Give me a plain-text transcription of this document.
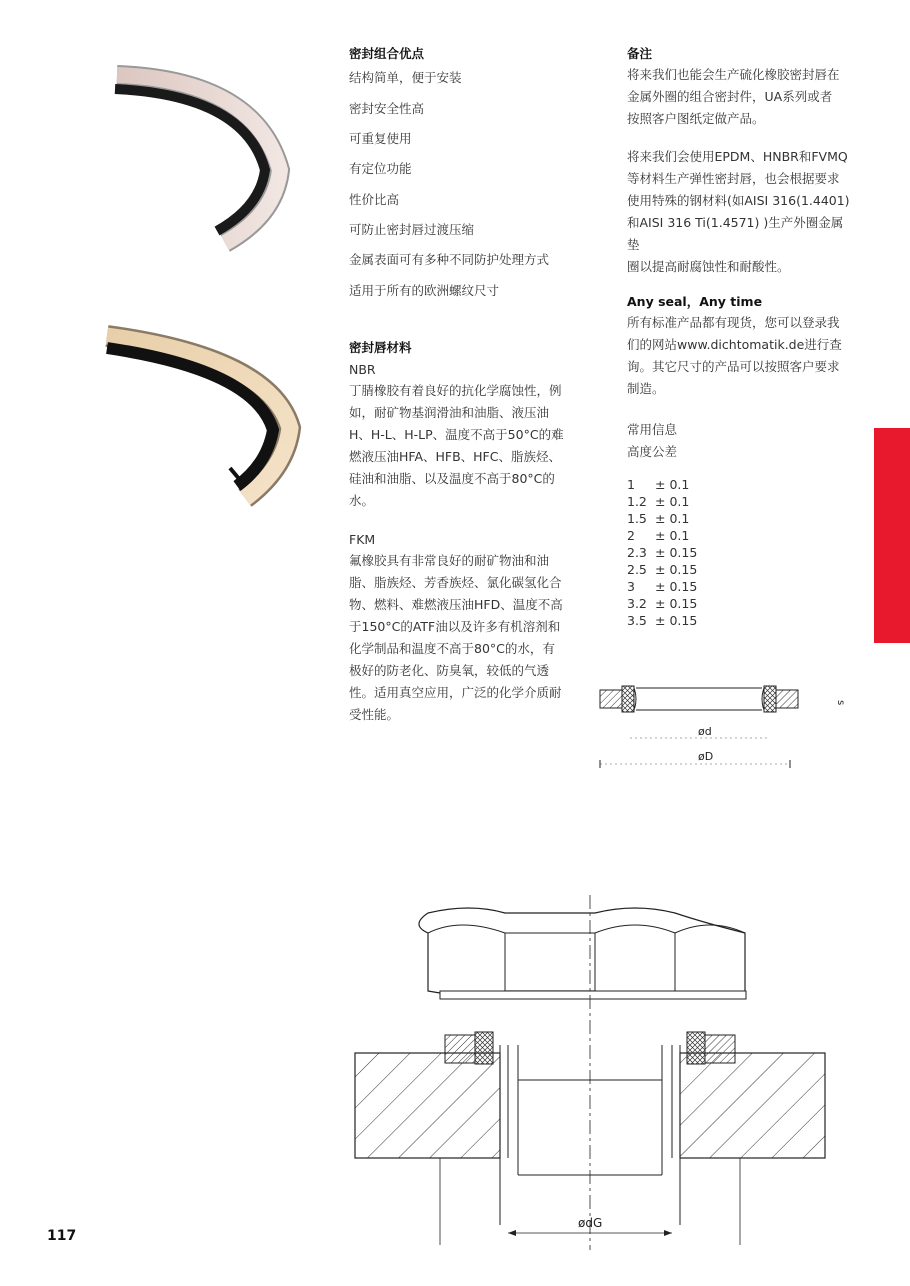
密封组合优点
结构简单，便于安装
密封安全性高
可重复使用
有定位功能
性价比高
可防止密封唇过渡压缩
金属表面可有多种不同防护处理方式
适用于所有的欧洲螺纹尺寸
密封唇材料
NBR
丁腈橡胶有着良好的抗化学腐蚀性，例
如，耐矿物基润滑油和油脂、液压油
H、H-L、H-LP、温度不高于50°C的难
燃液压油HFA、HFB、HFC、脂族烃、
硅油和油脂、以及温度不高于80°C的
水。
FKM
氟橡胶具有非常良好的耐矿物油和油
脂、脂族烃、芳香族烃、氯化碳氢化合
物、燃料、难燃液压油HFD、温度不高
于150°C的ATF油以及许多有机溶剂和
化学制品和温度不高于80°C的水，有
极好的防老化、防臭氧，较低的气透
性。适用真空应用，广泛的化学介质耐
受性能。
备注
将来我们也能会生产硫化橡胶密封唇在
金属外圈的组合密封件，UA系列或者
按照客户图纸定做产品。
将来我们会使用EPDM、HNBR和FVMQ
等材料生产弹性密封唇，也会根据要求
使用特殊的钢材料(如AISI 316(1.4401)
和AISI 316 Ti(1.4571) )生产外圈金属垫
圈以提高耐腐蚀性和耐酸性。
Any seal，Any time
所有标准产品都有现货，您可以登录我
们的网站www.dichtomatik.de进行查
询。其它尺寸的产品可以按照客户要求
制造。
常用信息
高度公差
1 ± 0.1
1.2 ± 0.1
1.5 ± 0.1
2 ± 0.1
2.3 ± 0.15
2.5 ± 0.15
3 ± 0.15
3.2 ± 0.15
3.5 ± 0.15
ød
øD
s
ødG
117
